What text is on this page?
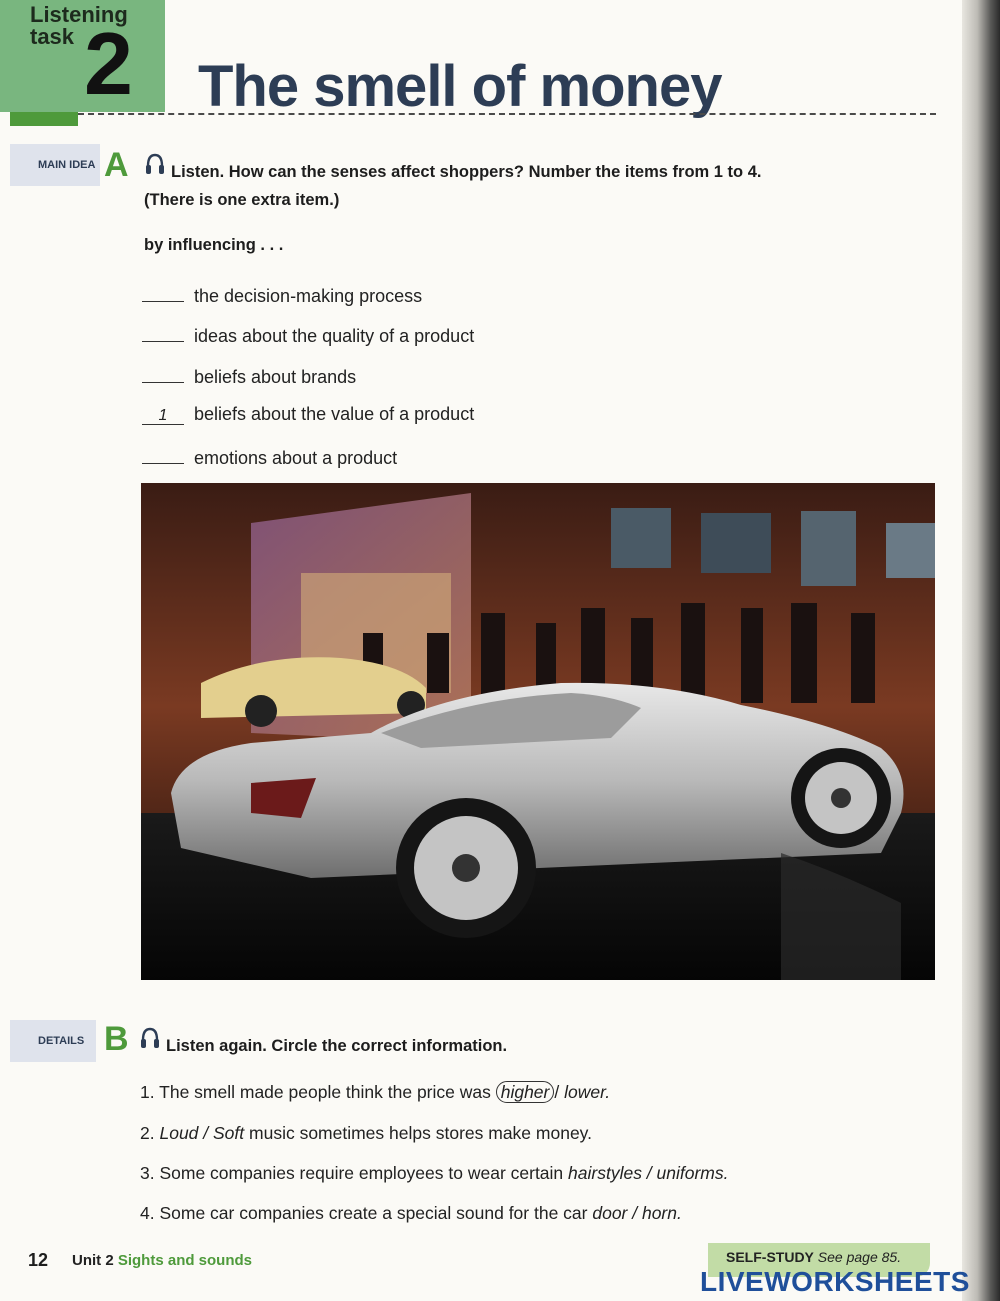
Listening
task 2 The smell of money
MAIN IDEA A	Listen. How can the senses affect shoppers? Number the items from 1 to 4.
(There is one extra item.)
by influencing . . .
the decision-making process
ideas about the quality of a product
beliefs about brands
1 beliefs about the value of a product
emotions about a product
DETAILS B Listen again. Circle the correct information.
1. The smell made people think the price was higher / lower.
2. Loud / Soft music sometimes helps stores make money.
3. Some companies require employees to wear certain hairstyles / uniforms.
4. Some car companies create a special sound for the car door / horn.
12 Unit 2 Sights and sounds	SELF-STUDY See page 85.
LIVEWORKSHEETS
